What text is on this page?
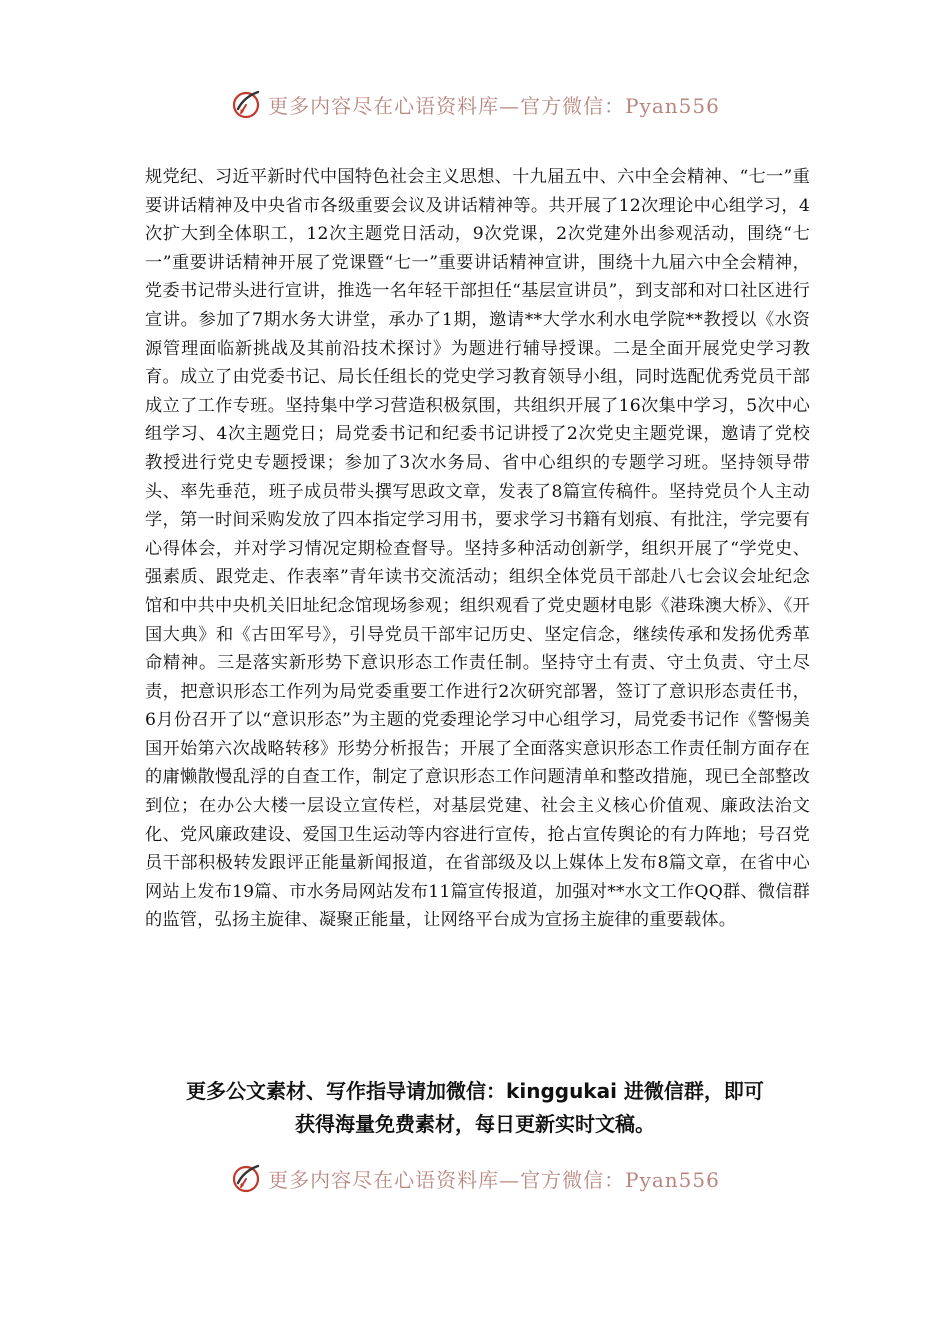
更多内容尽在心语资料库—官方微信：Pyan556

规党纪、习近平新时代中国特色社会主义思想、十九届五中、六中全会精神、“七一”重要讲话精神及中央省市各级重要会议及讲话精神等。共开展了12次理论中心组学习，4次扩大到全体职工，12次主题党日活动，9次党课，2次党建外出参观活动，围绕“七一”重要讲话精神开展了党课暨“七一”重要讲话精神宣讲，围绕十九届六中全会精神，党委书记带头进行宣讲，推选一名年轻干部担任“基层宣讲员”，到支部和对口社区进行宣讲。参加了7期水务大讲堂，承办了1期，邀请**大学水利水电学院**教授以《水资源管理面临新挑战及其前沿技术探讨》为题进行辅导授课。二是全面开展党史学习教育。成立了由党委书记、局长任组长的党史学习教育领导小组，同时选配优秀党员干部成立了工作专班。坚持集中学习营造积极氛围，共组织开展了16次集中学习，5次中心组学习、4次主题党日；局党委书记和纪委书记讲授了2次党史主题党课，邀请了党校教授进行党史专题授课；参加了3次水务局、省中心组织的专题学习班。坚持领导带头、率先垂范，班子成员带头撰写思政文章，发表了8篇宣传稿件。坚持党员个人主动学，第一时间采购发放了四本指定学习用书，要求学习书籍有划痕、有批注，学完要有心得体会，并对学习情况定期检查督导。坚持多种活动创新学，组织开展了“学党史、强素质、跟党走、作表率”青年读书交流活动；组织全体党员干部赴八七会议会址纪念馆和中共中央机关旧址纪念馆现场参观；组织观看了党史题材电影《港珠澳大桥》、《开国大典》和《古田军号》，引导党员干部牢记历史、坚定信念，继续传承和发扬优秀革命精神。三是落实新形势下意识形态工作责任制。坚持守土有责、守土负责、守土尽责，把意识形态工作列为局党委重要工作进行2次研究部署，签订了意识形态责任书，6月份召开了以“意识形态”为主题的党委理论学习中心组学习，局党委书记作《警惕美国开始第六次战略转移》形势分析报告；开展了全面落实意识形态工作责任制方面存在的庸懒散慢乱浮的自查工作，制定了意识形态工作问题清单和整改措施，现已全部整改到位；在办公大楼一层设立宣传栏，对基层党建、社会主义核心价值观、廉政法治文化、党风廉政建设、爱国卫生运动等内容进行宣传，抢占宣传舆论的有力阵地；号召党员干部积极转发跟评正能量新闻报道，在省部级及以上媒体上发布8篇文章，在省中心网站上发布19篇、市水务局网站发布11篇宣传报道，加强对**水文工作QQ群、微信群的监管，弘扬主旋律、凝聚正能量，让网络平台成为宣扬主旋律的重要载体。

更多公文素材、写作指导请加微信：kinggukai 进微信群，即可
获得海量免费素材，每日更新实时文稿。
更多内容尽在心语资料库—官方微信：Pyan556
